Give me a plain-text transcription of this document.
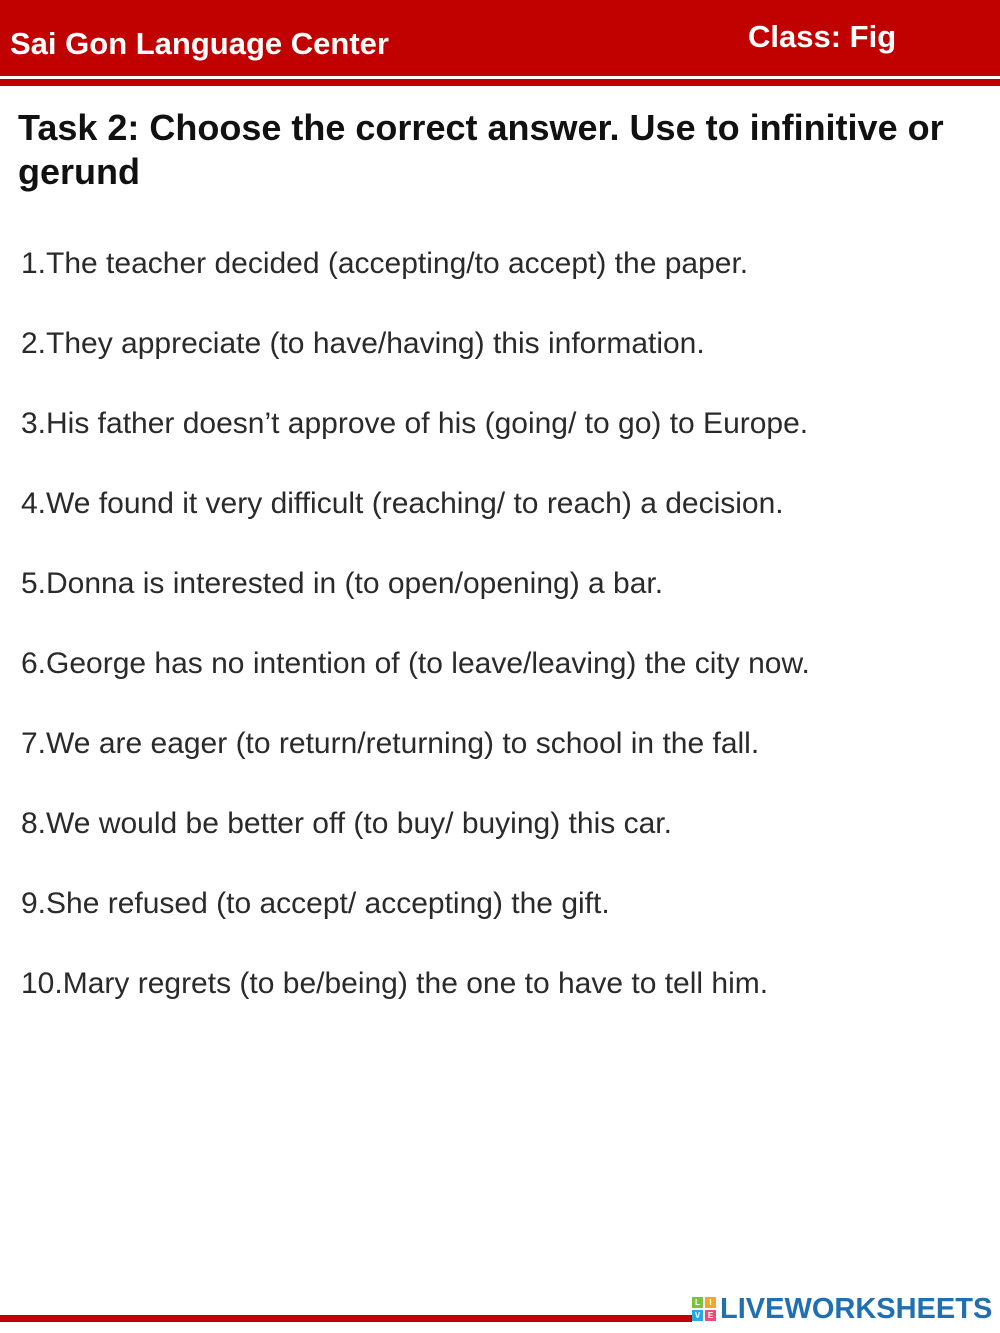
Sai Gon Language Center	Class: Fig
Task 2: Choose the correct answer. Use to infinitive or gerund
1.The teacher decided (accepting/to accept) the paper.
2.They appreciate (to have/having) this information.
3.His father doesn’t approve of his (going/ to go) to Europe.
4.We found it very difficult (reaching/ to reach) a decision.
5.Donna is interested in (to open/opening) a bar.
6.George has no intention of (to leave/leaving) the city now.
7.We are eager (to return/returning) to school in the fall.
8.We would be better off (to buy/ buying) this car.
9.She refused (to accept/ accepting) the gift.
10.Mary regrets (to be/being) the one to have to tell him.
L	I
V E LIVEWORKSHEETS
